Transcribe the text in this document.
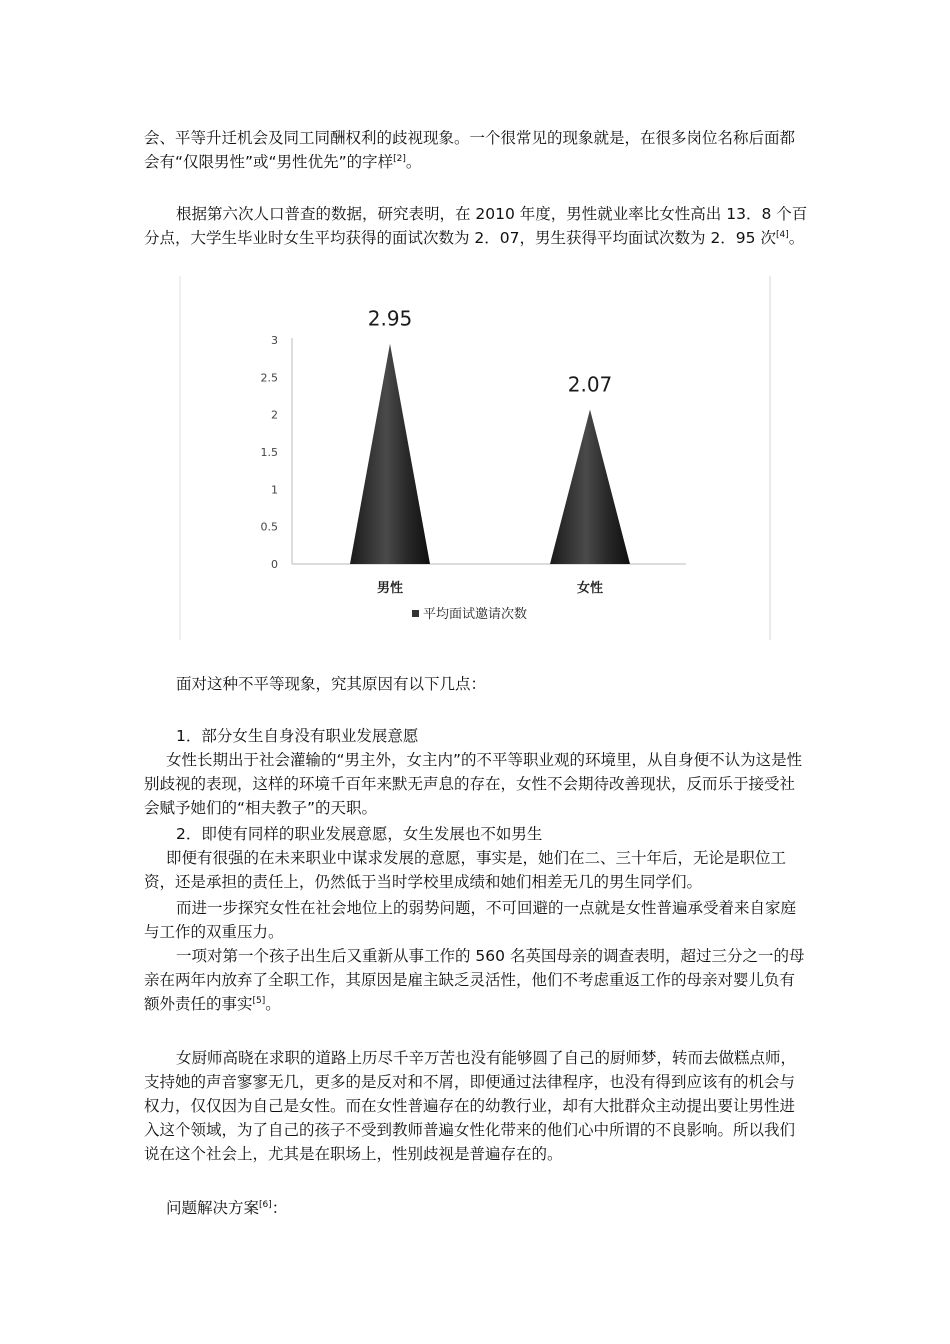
会、平等升迁机会及同工同酬权利的歧视现象。一个很常见的现象就是，在很多岗位名称后面都会有“仅限男性”或“男性优先”的字样[2]。

根据第六次人口普查的数据，研究表明，在 2010 年度，男性就业率比女性高出 13．8 个百分点，大学生毕业时女生平均获得的面试次数为 2．07，男生获得平均面试次数为 2．95 次[4]。

0
0.5
1
1.5
2
2.5
3
2.95
2.07
男性	女性
平均面试邀请次数

面对这种不平等现象，究其原因有以下几点：

1．部分女生自身没有职业发展意愿

女性长期出于社会灌输的“男主外，女主内”的不平等职业观的环境里，从自身便不认为这是性别歧视的表现，这样的环境千百年来默无声息的存在，女性不会期待改善现状，反而乐于接受社会赋予她们的“相夫教子”的天职。

2．即使有同样的职业发展意愿，女生发展也不如男生

即便有很强的在未来职业中谋求发展的意愿，事实是，她们在二、三十年后，无论是职位工资，还是承担的责任上，仍然低于当时学校里成绩和她们相差无几的男生同学们。

而进一步探究女性在社会地位上的弱势问题，不可回避的一点就是女性普遍承受着来自家庭与工作的双重压力。

一项对第一个孩子出生后又重新从事工作的 560 名英国母亲的调查表明，超过三分之一的母亲在两年内放弃了全职工作，其原因是雇主缺乏灵活性，他们不考虑重返工作的母亲对婴儿负有额外责任的事实[5]。

女厨师高晓在求职的道路上历尽千辛万苦也没有能够圆了自己的厨师梦，转而去做糕点师，支持她的声音寥寥无几，更多的是反对和不屑，即便通过法律程序，也没有得到应该有的机会与权力，仅仅因为自己是女性。而在女性普遍存在的幼教行业，却有大批群众主动提出要让男性进入这个领域，为了自己的孩子不受到教师普遍女性化带来的他们心中所谓的不良影响。所以我们说在这个社会上，尤其是在职场上，性别歧视是普遍存在的。

问题解决方案[6]：
